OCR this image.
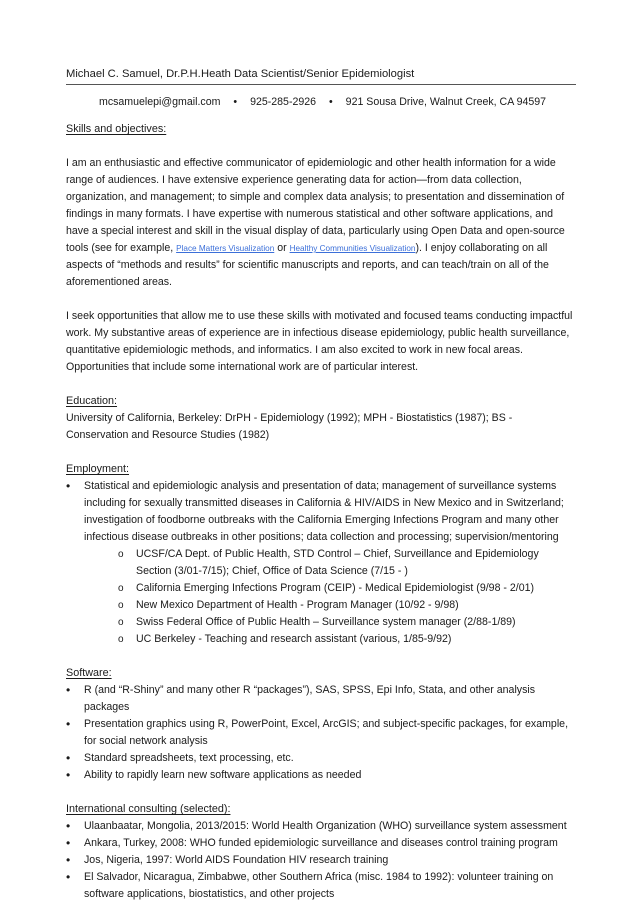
Michael C. Samuel, Dr.P.H. Heath Data Scientist/Senior Epidemiologist
mcsamuelepi@gmail.com • 925-285-2926 • 921 Sousa Drive, Walnut Creek, CA 94597
Skills and objectives:

I am an enthusiastic and effective communicator of epidemiologic and other health information for a wide range of audiences. I have extensive experience generating data for action—from data collection, organization, and management; to simple and complex data analysis; to presentation and dissemination of findings in many formats. I have expertise with numerous statistical and other software applications, and have a special interest and skill in the visual display of data, particularly using Open Data and open-source tools (see for example, Place Matters Visualization or Healthy Communities Visualization). I enjoy collaborating on all aspects of “methods and results” for scientific manuscripts and reports, and can teach/train on all of the aforementioned areas.

I seek opportunities that allow me to use these skills with motivated and focused teams conducting impactful work. My substantive areas of experience are in infectious disease epidemiology, public health surveillance, quantitative epidemiologic methods, and informatics. I am also excited to work in new focal areas. Opportunities that include some international work are of particular interest.

Education:

University of California, Berkeley: DrPH - Epidemiology (1992); MPH - Biostatistics (1987); BS - Conservation and Resource Studies (1982)

Employment:
• Statistical and epidemiologic analysis and presentation of data; management of surveillance systems including for sexually transmitted diseases in California & HIV/AIDS in New Mexico and in Switzerland; investigation of foodborne outbreaks with the California Emerging Infections Program and many other infectious disease outbreaks in other positions; data collection and processing; supervision/mentoring
o UCSF/CA Dept. of Public Health, STD Control – Chief, Surveillance and Epidemiology Section (3/01-7/15); Chief, Office of Data Science (7/15 - )
o California Emerging Infections Program (CEIP) - Medical Epidemiologist (9/98 - 2/01)
o New Mexico Department of Health - Program Manager (10/92 - 9/98)
o Swiss Federal Office of Public Health – Surveillance system manager (2/88-1/89)
o UC Berkeley - Teaching and research assistant (various, 1/85-9/92)
Software:
• R (and “R-Shiny” and many other R “packages”), SAS, SPSS, Epi Info, Stata, and other analysis packages
• Presentation graphics using R, PowerPoint, Excel, ArcGIS; and subject-specific packages, for example, for social network analysis
• Standard spreadsheets, text processing, etc.
• Ability to rapidly learn new software applications as needed
International consulting (selected):
• Ulaanbaatar, Mongolia, 2013/2015: World Health Organization (WHO) surveillance system assessment
• Ankara, Turkey, 2008: WHO funded epidemiologic surveillance and diseases control training program
• Jos, Nigeria, 1997: World AIDS Foundation HIV research training
• El Salvador, Nicaragua, Zimbabwe, other Southern Africa (misc. 1984 to 1992): volunteer training on software applications, biostatistics, and other projects
